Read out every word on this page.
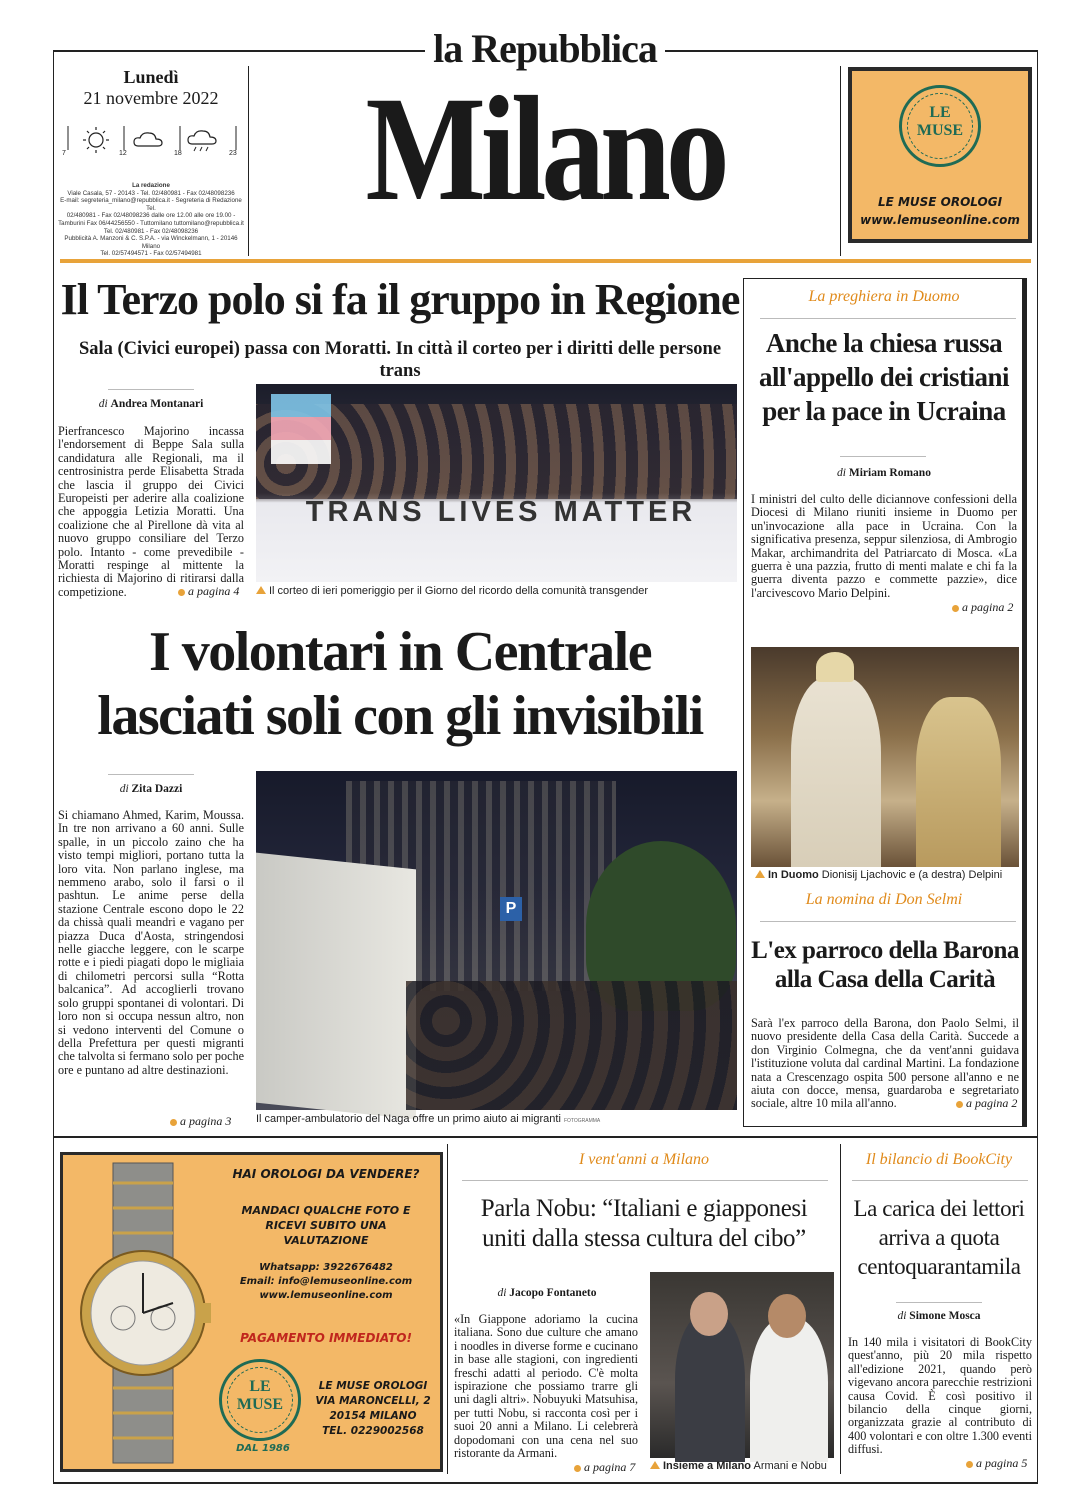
la Repubblica
Milano
Lunedì
21 novembre 2022
7	12	18	23
La redazione
Viale Casala, 57 - 20143 - Tel. 02/480981 - Fax 02/48098236
E-mail: segreteria_milano@repubblica.it - Segreteria di Redazione Tel.
02/480981 - Fax 02/48098236 dalle ore 12.00 alle ore 19.00 -
Tamburini Fax 06/44256550 - Tuttomilano tuttomilano@repubblica.it
Tel. 02/480981 - Fax 02/48098236
Pubblicità A. Manzoni & C. S.P.A. - via Winckelmann, 1 - 20146 Milano
Tel. 02/57494571 - Fax 02/57494981
LE
MUSE
LE MUSE OROLOGI
www.lemuseonline.com
Il Terzo polo si fa il gruppo in Regione
Sala (Civici europei) passa con Moratti. In città il corteo per i diritti delle persone trans
di Andrea Montanari
Pierfrancesco Majorino incassa l'endorsement di Beppe Sala sulla candidatura alle Regionali, ma il centrosinistra perde Elisabetta Strada che lascia il gruppo dei Civici Europeisti per aderire alla coalizione che appoggia Letizia Moratti. Una coalizione che al Pirellone dà vita al nuovo gruppo consiliare del Terzo polo. Intanto - come prevedibile - Moratti respinge al mittente la richiesta di Majorino di ritirarsi dalla competizione.	a pagina 4
TRANS LIVES MATTER
Il corteo di ieri pomeriggio per il Giorno del ricordo della comunità transgender
I volontari in Centrale
lasciati soli con gli invisibili
di Zita Dazzi
Si chiamano Ahmed, Karim, Moussa. In tre non arrivano a 60 anni. Sulle spalle, in un piccolo zaino che ha visto tempi migliori, portano tutta la loro vita. Non parlano inglese, ma nemmeno arabo, solo il farsi o il pashtun. Le anime perse della stazione Centrale escono dopo le 22 da chissà quali meandri e vagano per piazza Duca d'Aosta, stringendosi nelle giacche leggere, con le scarpe rotte e i piedi piagati dopo le migliaia di chilometri percorsi sulla “Rotta balcanica”. Ad accoglierli trovano solo gruppi spontanei di volontari. Di loro non si occupa nessun altro, non si vedono interventi del Comune o della Prefettura per questi migranti che talvolta si fermano solo per poche ore e puntano ad altre destinazioni.
a pagina 3
P
Il camper-ambulatorio del Naga offre un primo aiuto ai migranti FOTOGRAMMA
La preghiera in Duomo
Anche la chiesa russa all'appello dei cristiani per la pace in Ucraina
di Miriam Romano
I ministri del culto delle diciannove confessioni della Diocesi di Milano riuniti insieme in Duomo per un'invocazione alla pace in Ucraina. Con la significativa presenza, seppur silenziosa, di Ambrogio Makar, archimandrita del Patriarcato di Mosca. «La guerra è una pazzia, frutto di menti malate e chi fa la guerra diventa pazzo e commette pazzie», dice l'arcivescovo Mario Delpini.
a pagina 2
In Duomo Dionisij Ljachovic e (a destra) Delpini
La nomina di Don Selmi
L'ex parroco della Barona alla Casa della Carità
Sarà l'ex parroco della Barona, don Paolo Selmi, il nuovo presidente della Casa della Carità. Succede a don Virginio Colmegna, che da vent'anni guidava l'istituzione voluta dal cardinal Martini. La fondazione nata a Crescenzago ospita 500 persone all'anno e ne aiuta con docce, mensa, guardaroba e segretariato sociale, altre 10 mila all'anno.	a pagina 2
HAI OROLOGI DA VENDERE?
MANDACI QUALCHE FOTO E
RICEVI SUBITO UNA
VALUTAZIONE
Whatsapp: 3922676482
Email: info@lemuseonline.com
www.lemuseonline.com
PAGAMENTO IMMEDIATO!
LE
MUSE
LE MUSE OROLOGI
VIA MARONCELLI, 2
20154 MILANO
TEL. 0229002568
DAL 1986
I vent'anni a Milano
Parla Nobu: “Italiani e giapponesi uniti dalla stessa cultura del cibo”
di Jacopo Fontaneto
«In Giappone adoriamo la cucina italiana. Sono due culture che amano i noodles in diverse forme e cucinano in base alle stagioni, con ingredienti freschi adatti al periodo. C'è molta ispirazione che possiamo trarre gli uni dagli altri». Nobuyuki Matsuhisa, per tutti Nobu, si racconta così per i suoi 20 anni a Milano. Li celebrerà dopodomani con una cena nel suo ristorante da Armani.
a pagina 7	Insieme a Milano Armani e Nobu
Il bilancio di BookCity
La carica dei lettori arriva a quota centoquarantamila
di Simone Mosca
In 140 mila i visitatori di BookCity quest'anno, più 20 mila rispetto all'edizione 2021, quando però vigevano ancora parecchie restrizioni causa Covid. È così positivo il bilancio della cinque giorni, organizzata grazie al contributo di 400 volontari e con oltre 1.300 eventi diffusi.
a pagina 5
